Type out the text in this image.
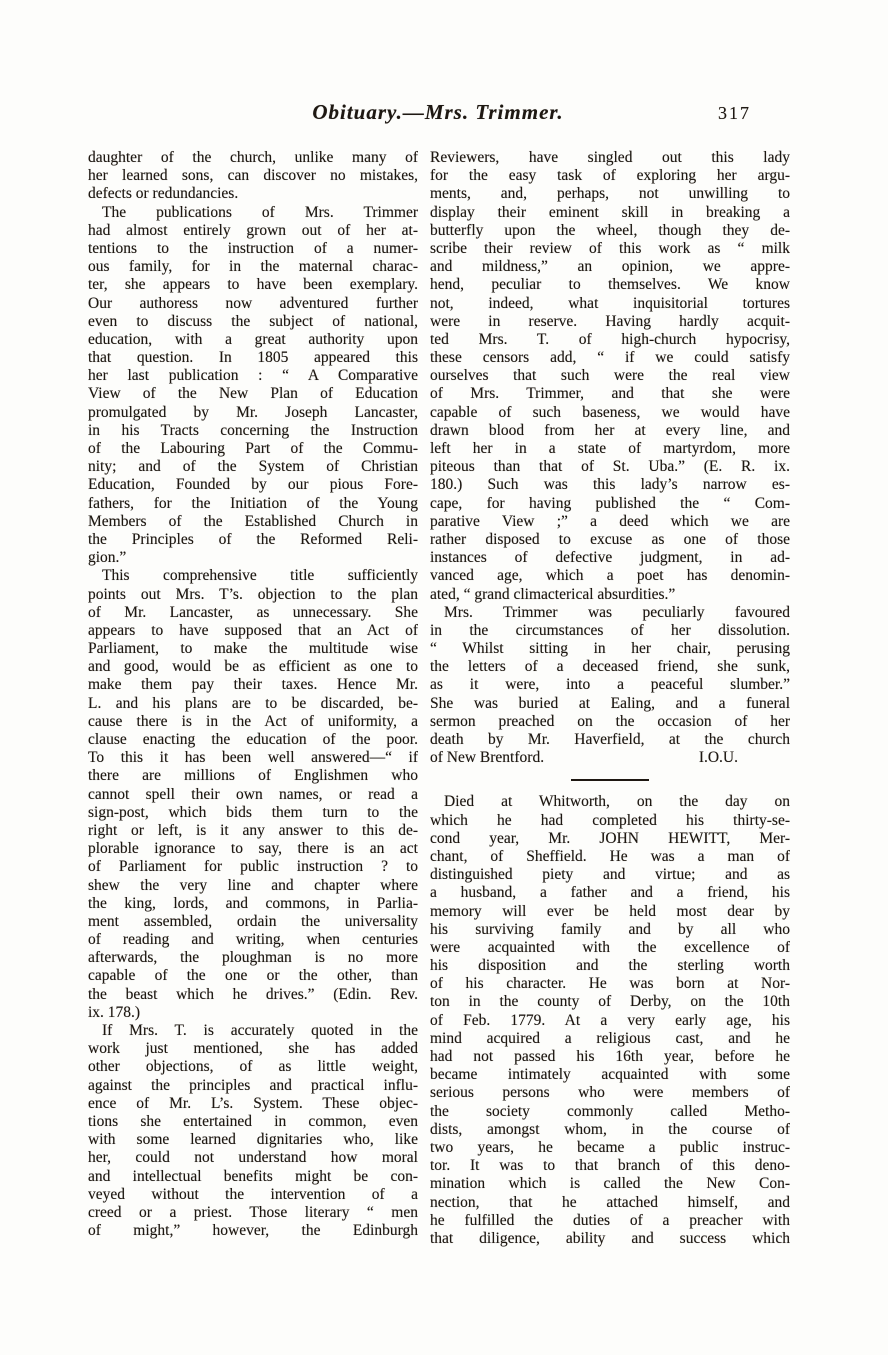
Obituary.—Mrs. Trimmer.	317
daughter of the church, unlike many of
her learned sons, can discover no mistakes,
defects or redundancies.
The publications of Mrs. Trimmer
had almost entirely grown out of her at-
tentions to the instruction of a numer-
ous family, for in the maternal charac-
ter, she appears to have been exemplary.
Our authoress now adventured further
even to discuss the subject of national,
education, with a great authority upon
that question. In 1805 appeared this
her last publication : “ A Comparative
View of the New Plan of Education
promulgated by Mr. Joseph Lancaster,
in his Tracts concerning the Instruction
of the Labouring Part of the Commu-
nity; and of the System of Christian
Education, Founded by our pious Fore-
fathers, for the Initiation of the Young
Members of the Established Church in
the Principles of the Reformed Reli-
gion.”
This comprehensive title sufficiently
points out Mrs. T’s. objection to the plan
of Mr. Lancaster, as unnecessary. She
appears to have supposed that an Act of
Parliament, to make the multitude wise
and good, would be as efficient as one to
make them pay their taxes. Hence Mr.
L. and his plans are to be discarded, be-
cause there is in the Act of uniformity, a
clause enacting the education of the poor.
To this it has been well answered—“ if
there are millions of Englishmen who
cannot spell their own names, or read a
sign-post, which bids them turn to the
right or left, is it any answer to this de-
plorable ignorance to say, there is an act
of Parliament for public instruction ? to
shew the very line and chapter where
the king, lords, and commons, in Parlia-
ment assembled, ordain the universality
of reading and writing, when centuries
afterwards, the ploughman is no more
capable of the one or the other, than
the beast which he drives.” (Edin. Rev.
ix. 178.)
If Mrs. T. is accurately quoted in the
work just mentioned, she has added
other objections, of as little weight,
against the principles and practical influ-
ence of Mr. L’s. System. These objec-
tions she entertained in common, even
with some learned dignitaries who, like
her, could not understand how moral
and intellectual benefits might be con-
veyed without the intervention of a
creed or a priest. Those literary “ men
of might,” however, the Edinburgh
Reviewers, have singled out this lady
for the easy task of exploring her argu-
ments, and, perhaps, not unwilling to
display their eminent skill in breaking a
butterfly upon the wheel, though they de-
scribe their review of this work as “ milk
and mildness,” an opinion, we appre-
hend, peculiar to themselves. We know
not, indeed, what inquisitorial tortures
were in reserve. Having hardly acquit-
ted Mrs. T. of high-church hypocrisy,
these censors add, “ if we could satisfy
ourselves that such were the real view
of Mrs. Trimmer, and that she were
capable of such baseness, we would have
drawn blood from her at every line, and
left her in a state of martyrdom, more
piteous than that of St. Uba.” (E. R. ix.
180.) Such was this lady’s narrow es-
cape, for having published the “ Com-
parative View ;” a deed which we are
rather disposed to excuse as one of those
instances of defective judgment, in ad-
vanced age, which a poet has denomin-
ated, “ grand climacterical absurdities.”
Mrs. Trimmer was peculiarly favoured
in the circumstances of her dissolution.
“ Whilst sitting in her chair, perusing
the letters of a deceased friend, she sunk,
as it were, into a peaceful slumber.”
She was buried at Ealing, and a funeral
sermon preached on the occasion of her
death by Mr. Haverfield, at the church
of New Brentford.	I.O.U.
Died at Whitworth, on the day on
which he had completed his thirty-se-
cond year, Mr. JOHN HEWITT, Mer-
chant, of Sheffield. He was a man of
distinguished piety and virtue; and as
a husband, a father and a friend, his
memory will ever be held most dear by
his surviving family and by all who
were acquainted with the excellence of
his disposition and the sterling worth
of his character. He was born at Nor-
ton in the county of Derby, on the 10th
of Feb. 1779. At a very early age, his
mind acquired a religious cast, and he
had not passed his 16th year, before he
became intimately acquainted with some
serious persons who were members of
the society commonly called Metho-
dists, amongst whom, in the course of
two years, he became a public instruc-
tor. It was to that branch of this deno-
mination which is called the New Con-
nection, that he attached himself, and
he fulfilled the duties of a preacher with
that diligence, ability and success which
